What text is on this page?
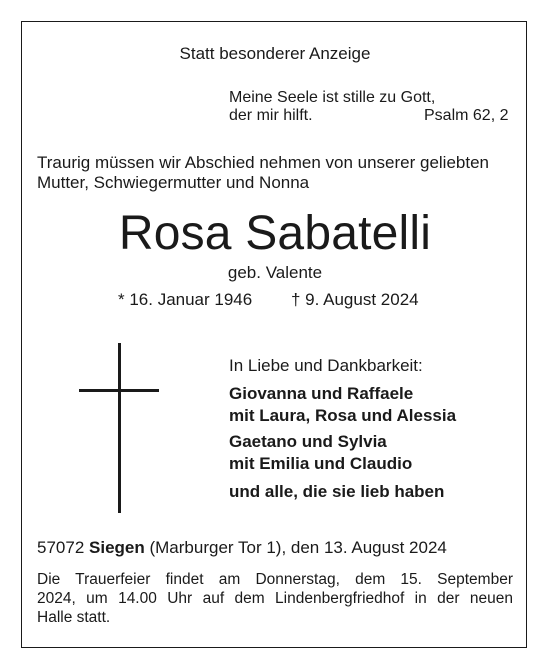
Statt besonderer Anzeige
Meine Seele ist stille zu Gott,
der mir hilft.	Psalm 62, 2
Traurig müssen wir Abschied nehmen von unserer geliebten
Mutter, Schwiegermutter und Nonna
Rosa Sabatelli
geb. Valente
* 16. Januar 1946 † 9. August 2024
In Liebe und Dankbarkeit:
Giovanna und Raffaele
mit Laura, Rosa und Alessia
Gaetano und Sylvia
mit Emilia und Claudio
und alle, die sie lieb haben
57072 Siegen (Marburger Tor 1), den 13. August 2024
Die Trauerfeier findet am Donnerstag, dem 15. September
2024, um 14.00 Uhr auf dem Lindenbergfriedhof in der neuen
Halle statt.
